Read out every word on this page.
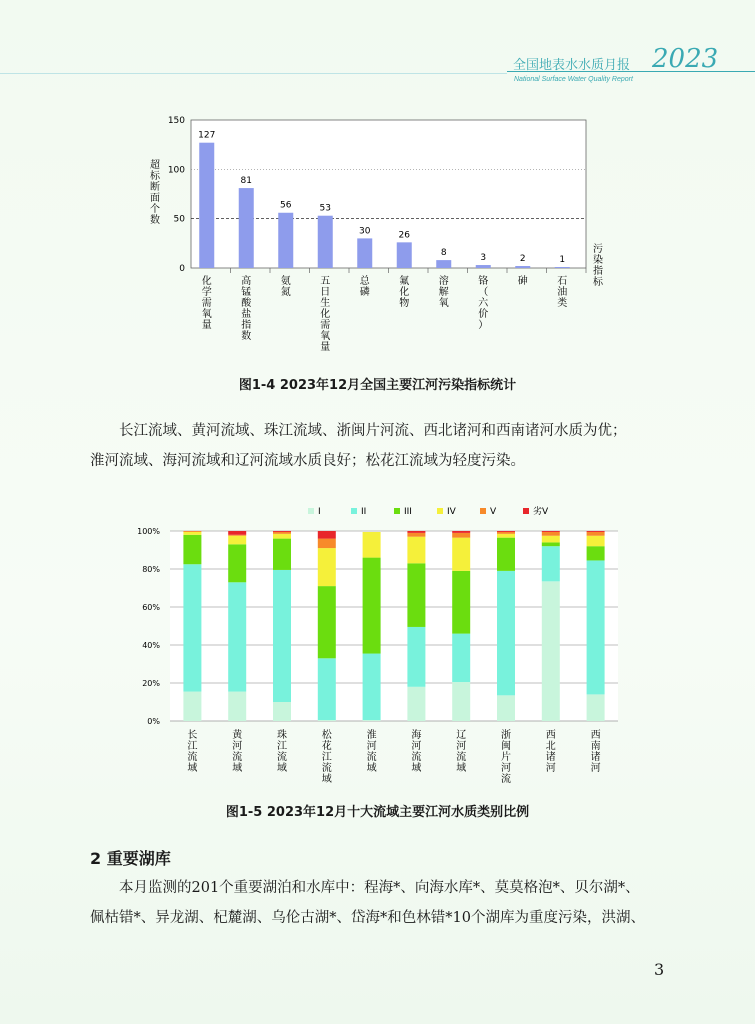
全国地表水水质月报 2023
National Surface Water Quality Report
0
50
100
150
127
81
56	53
30	26
8	3	2	1
化学需氧量
高锰酸盐指数
氨氮
五日生化需氧量
总磷
氟化物
溶解氧
铬（六价）
砷	石油类
超标断面个数
污染指标
图1-4 2023年12月全国主要江河污染指标统计
长江流域、黄河流域、珠江流域、浙闽片河流、西北诸河和西南诸河水质为优；
淮河流域、海河流域和辽河流域水质良好；松花江流域为轻度污染。
I	II	III	IV	V	劣V
0%
20%
40%
60%
80%
100%
长江流域
黄河流域
珠江流域
松花江流域
淮河流域
海河流域
辽河流域
浙闽片河流
西北诸河
西南诸河
图1-5 2023年12月十大流域主要江河水质类别比例
2 重要湖库
本月监测的201个重要湖泊和水库中：程海*、向海水库*、莫莫格泡*、贝尔湖*、
佩枯错*、异龙湖、杞麓湖、乌伦古湖*、岱海*和色林错*10个湖库为重度污染，洪湖、
3
